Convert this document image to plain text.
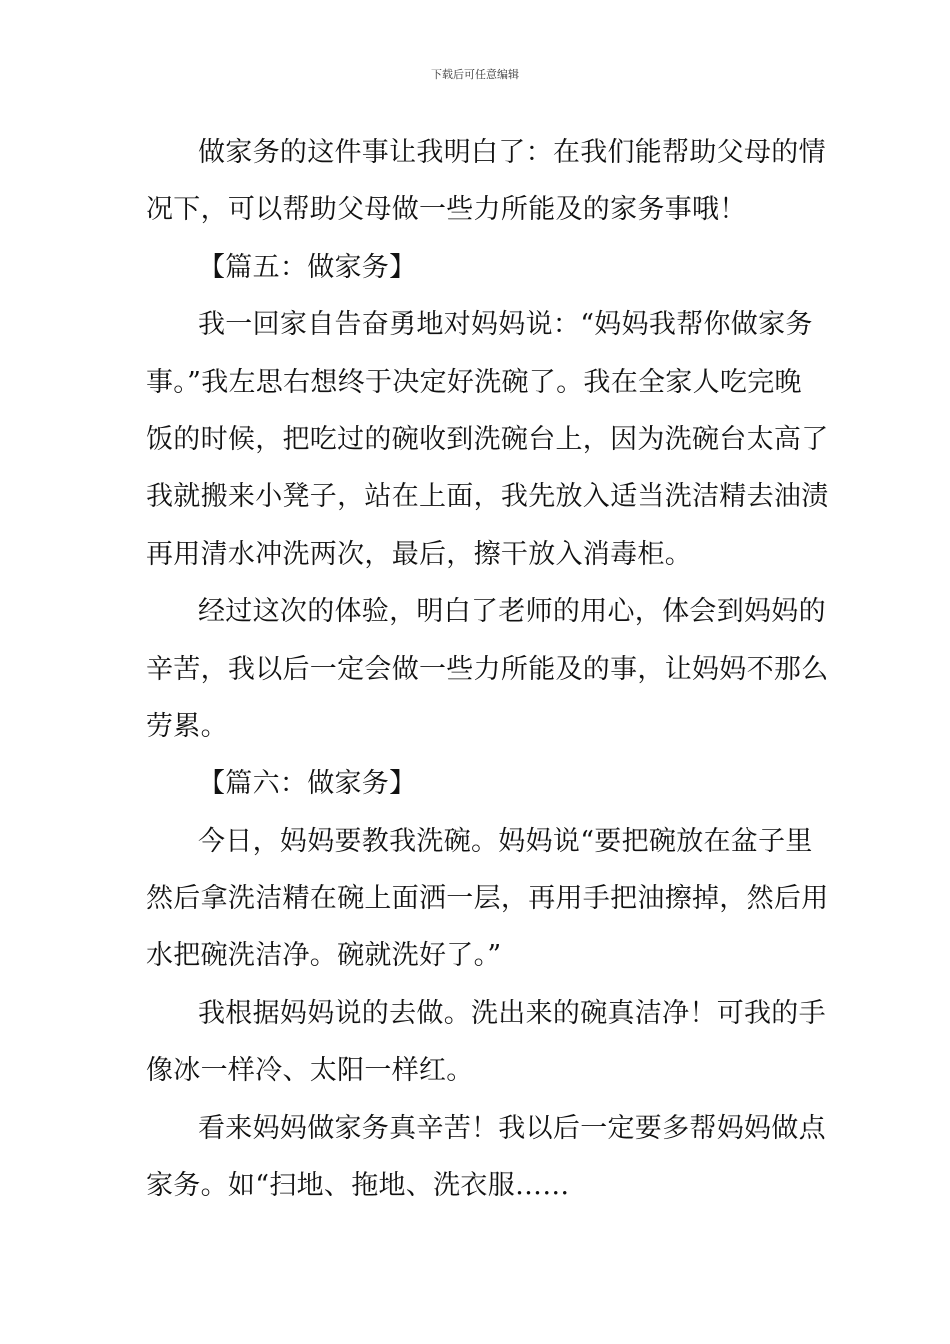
下载后可任意编辑
做家务的这件事让我明白了：在我们能帮助父母的情
况下，可以帮助父母做一些力所能及的家务事哦！
【篇五：做家务】
我一回家自告奋勇地对妈妈说：“妈妈我帮你做家务
事。”我左思右想终于决定好洗碗了。我在全家人吃完晚
饭的时候，把吃过的碗收到洗碗台上，因为洗碗台太高了
我就搬来小凳子，站在上面，我先放入适当洗洁精去油渍
再用清水冲洗两次，最后，擦干放入消毒柜。
经过这次的体验，明白了老师的用心，体会到妈妈的
辛苦，我以后一定会做一些力所能及的事，让妈妈不那么
劳累。
【篇六：做家务】
今日，妈妈要教我洗碗。妈妈说“要把碗放在盆子里
然后拿洗洁精在碗上面洒一层，再用手把油擦掉，然后用
水把碗洗洁净。碗就洗好了。”
我根据妈妈说的去做。洗出来的碗真洁净！可我的手
像冰一样冷、太阳一样红。
看来妈妈做家务真辛苦！我以后一定要多帮妈妈做点
家务。如“扫地、拖地、洗衣服……
